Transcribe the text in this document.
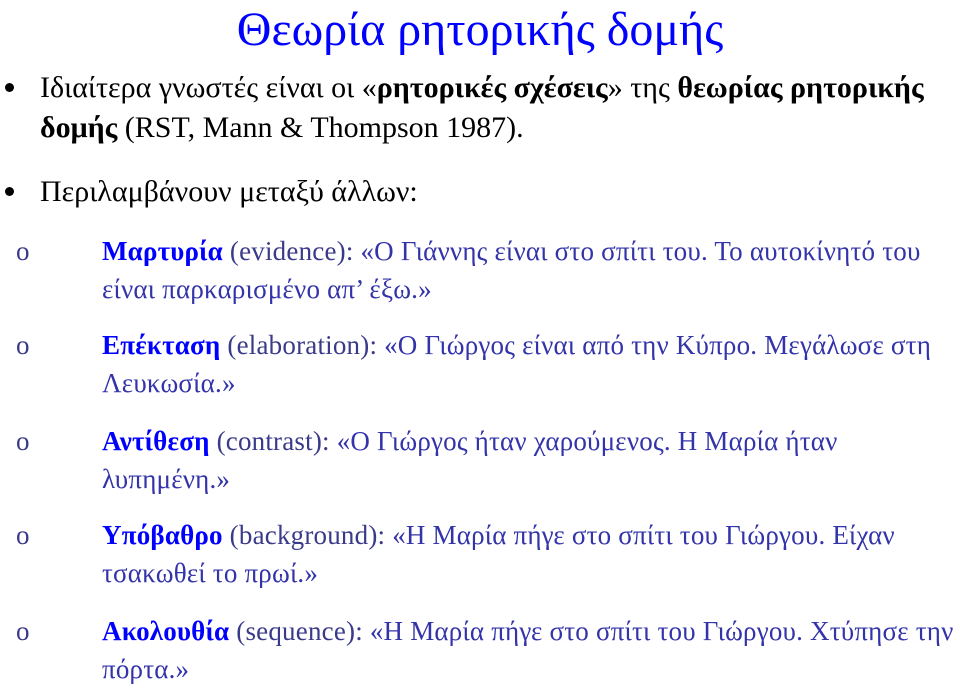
Θεωρία ρητορικής δομής
Ιδιαίτερα γνωστές είναι οι «ρητορικές σχέσεις» της θεωρίας ρητορικής δομής (RST, Mann & Thompson 1987).
Περιλαμβάνουν μεταξύ άλλων:
o	Μαρτυρία (evidence): «Ο Γιάννης είναι στο σπίτι του. Το αυτοκίνητό του είναι παρκαρισμένο απ’ έξω.»
o	Επέκταση (elaboration): «Ο Γιώργος είναι από την Κύπρο. Μεγάλωσε στη Λευκωσία.»
o	Αντίθεση (contrast): «Ο Γιώργος ήταν χαρούμενος. Η Μαρία ήταν λυπημένη.»
o	Υπόβαθρο (background): «Η Μαρία πήγε στο σπίτι του Γιώργου. Είχαν τσακωθεί το πρωί.»
o	Ακολουθία (sequence): «Η Μαρία πήγε στο σπίτι του Γιώργου. Χτύπησε την πόρτα.»
